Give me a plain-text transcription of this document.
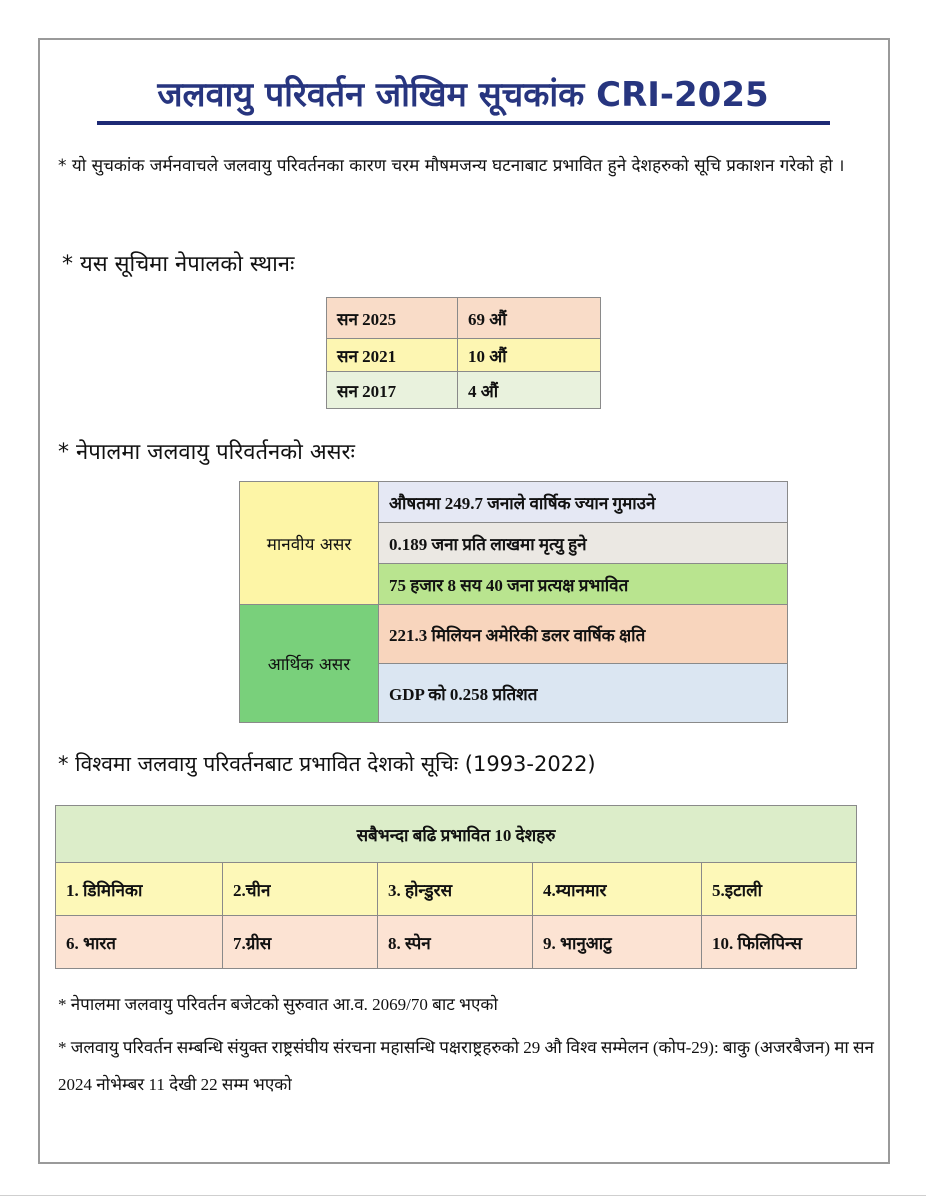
जलवायु परिवर्तन जोखिम सूचकांक CRI-2025
* यो सुचकांक जर्मनवाचले जलवायु परिवर्तनका कारण चरम मौषमजन्य घटनाबाट प्रभावित हुने देशहरुको सूचि प्रकाशन गरेको हो ।
* यस सूचिमा नेपालको स्थानः
सन 2025	69 औं
सन 2021	10 औं
सन 2017	4 औं
* नेपालमा जलवायु परिवर्तनको असरः
मानवीय असर	औषतमा 249.7 जनाले वार्षिक ज्यान गुमाउने
	0.189 जना प्रति लाखमा मृत्यु हुने
	75 हजार 8 सय 40 जना प्रत्यक्ष प्रभावित
आर्थिक असर	221.3 मिलियन अमेरिकी डलर वार्षिक क्षति
	GDP को 0.258 प्रतिशत
* विश्वमा जलवायु परिवर्तनबाट प्रभावित देशको सूचिः (1993-2022)
सबैभन्दा बढि प्रभावित 10 देशहरु				
1. डिमिनिका	2.चीन	3. होन्डुरस	4.म्यानमार	5.इटाली
6. भारत	7.ग्रीस	8. स्पेन	9. भानुआटु	10. फिलिपिन्स
* नेपालमा जलवायु परिवर्तन बजेटको सुरुवात आ.व. 2069/70 बाट भएको
* जलवायु परिवर्तन सम्बन्धि संयुक्त राष्ट्रसंघीय संरचना महासन्धि पक्षराष्ट्रहरुको 29 औ विश्व सम्मेलन (कोप-29): बाकु (अजरबैजन) मा सन 2024 नोभेम्बर 11 देखी 22 सम्म भएको
